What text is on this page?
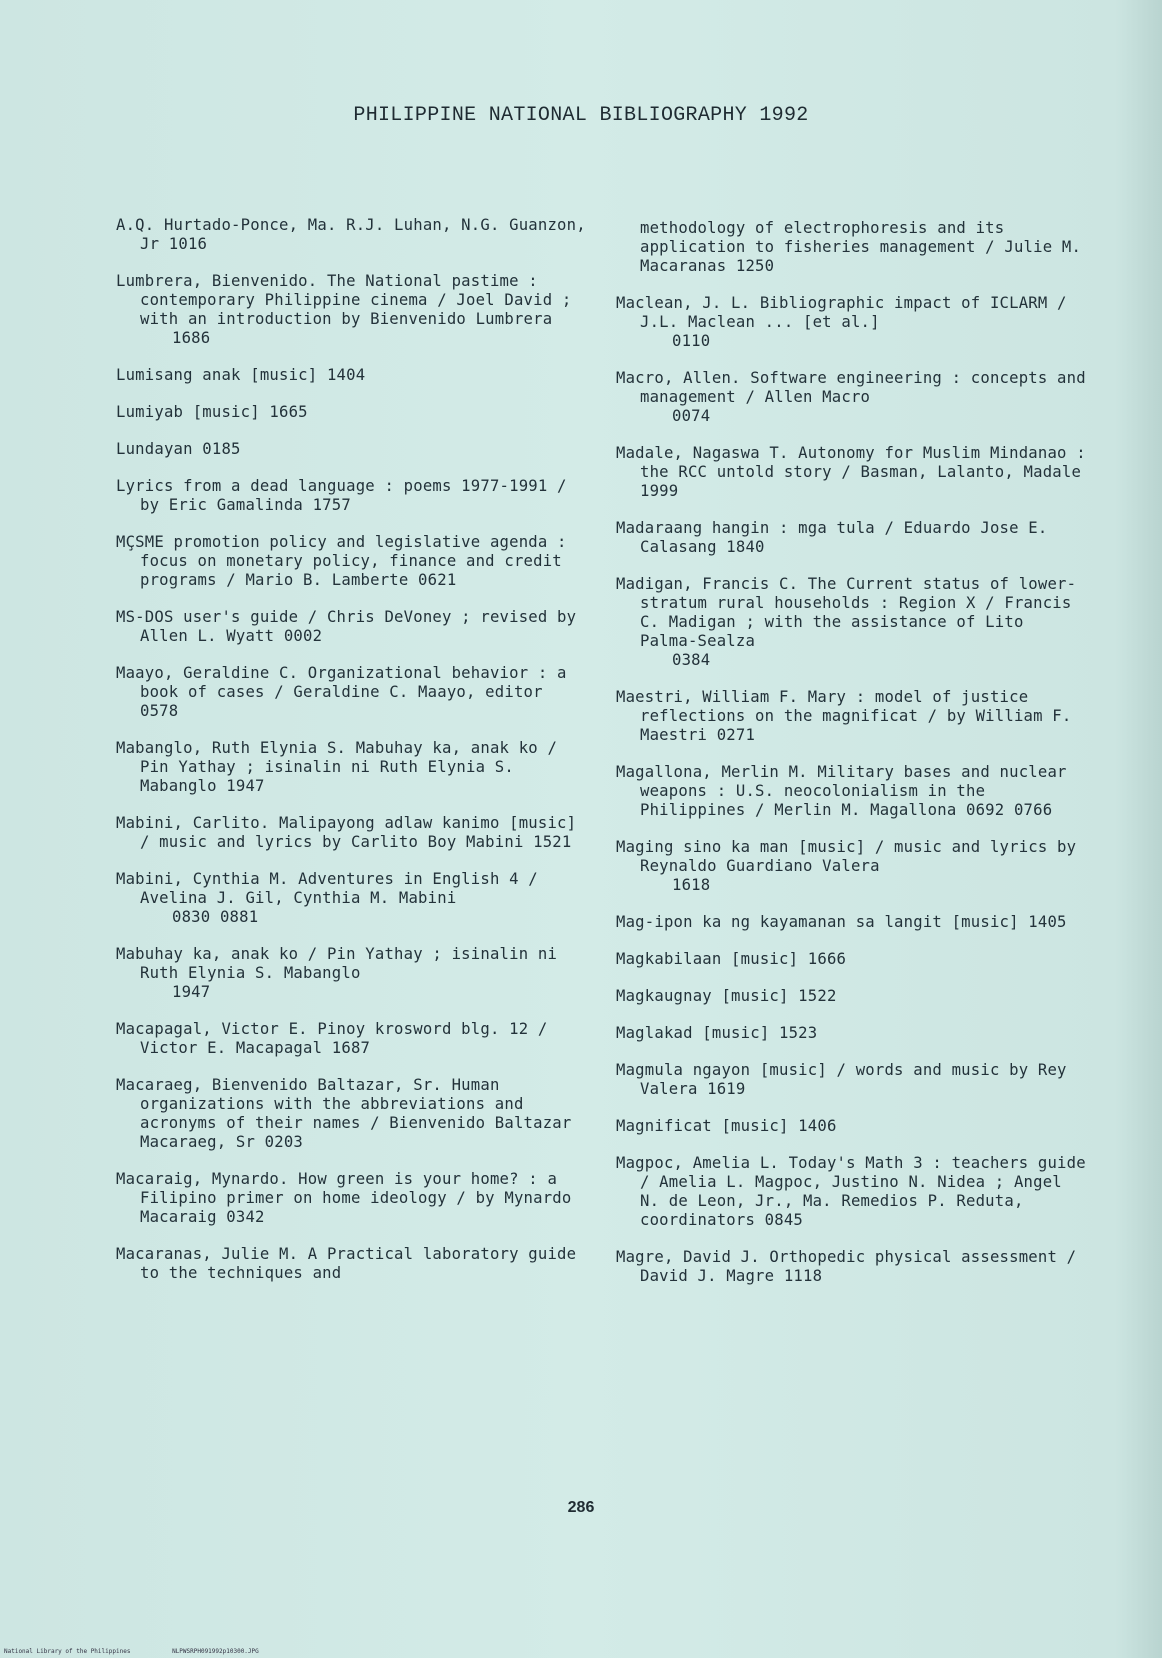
PHILIPPINE NATIONAL BIBLIOGRAPHY 1992
A.Q. Hurtado-Ponce, Ma. R.J. Luhan, N.G. Guanzon, Jr 1016
Lumbrera, Bienvenido. The National pastime : contemporary Philippine cinema / Joel David ; with an introduction by Bienvenido Lumbrera
1686
Lumisang anak [music] 1404
Lumiyab [music] 1665
Lundayan 0185
Lyrics from a dead language : poems 1977-1991 / by Eric Gamalinda 1757
MÇSME promotion policy and legislative agenda : focus on monetary policy, finance and credit programs / Mario B. Lamberte 0621
MS-DOS user's guide / Chris DeVoney ; revised by Allen L. Wyatt 0002
Maayo, Geraldine C. Organizational behavior : a book of cases / Geraldine C. Maayo, editor 0578
Mabanglo, Ruth Elynia S. Mabuhay ka, anak ko / Pin Yathay ; isinalin ni Ruth Elynia S. Mabanglo 1947
Mabini, Carlito. Malipayong adlaw kanimo [music] / music and lyrics by Carlito Boy Mabini 1521
Mabini, Cynthia M. Adventures in English 4 / Avelina J. Gil, Cynthia M. Mabini
0830 0881
Mabuhay ka, anak ko / Pin Yathay ; isinalin ni Ruth Elynia S. Mabanglo
1947
Macapagal, Victor E. Pinoy krosword blg. 12 / Victor E. Macapagal 1687
Macaraeg, Bienvenido Baltazar, Sr. Human organizations with the abbreviations and acronyms of their names / Bienvenido Baltazar Macaraeg, Sr 0203
Macaraig, Mynardo. How green is your home? : a Filipino primer on home ideology / by Mynardo Macaraig 0342
Macaranas, Julie M. A Practical laboratory guide to the techniques and
methodology of electrophoresis and its application to fisheries management / Julie M. Macaranas 1250
Maclean, J. L. Bibliographic impact of ICLARM / J.L. Maclean ... [et al.]
0110
Macro, Allen. Software engineering : concepts and management / Allen Macro
0074
Madale, Nagaswa T. Autonomy for Muslim Mindanao : the RCC untold story / Basman, Lalanto, Madale 1999
Madaraang hangin : mga tula / Eduardo Jose E. Calasang 1840
Madigan, Francis C. The Current status of lower-stratum rural households : Region X / Francis C. Madigan ; with the assistance of Lito Palma-Sealza
0384
Maestri, William F. Mary : model of justice reflections on the magnificat / by William F. Maestri 0271
Magallona, Merlin M. Military bases and nuclear weapons : U.S. neocolonialism in the Philippines / Merlin M. Magallona 0692 0766
Maging sino ka man [music] / music and lyrics by Reynaldo Guardiano Valera
1618
Mag-ipon ka ng kayamanan sa langit [music] 1405
Magkabilaan [music] 1666
Magkaugnay [music] 1522
Maglakad [music] 1523
Magmula ngayon [music] / words and music by Rey Valera 1619
Magnificat [music] 1406
Magpoc, Amelia L. Today's Math 3 : teachers guide / Amelia L. Magpoc, Justino N. Nidea ; Angel N. de Leon, Jr., Ma. Remedios P. Reduta, coordinators 0845
Magre, David J. Orthopedic physical assessment / David J. Magre 1118
286
National Library of the Philippines	NLPWSRPH091992p10300.JPG
